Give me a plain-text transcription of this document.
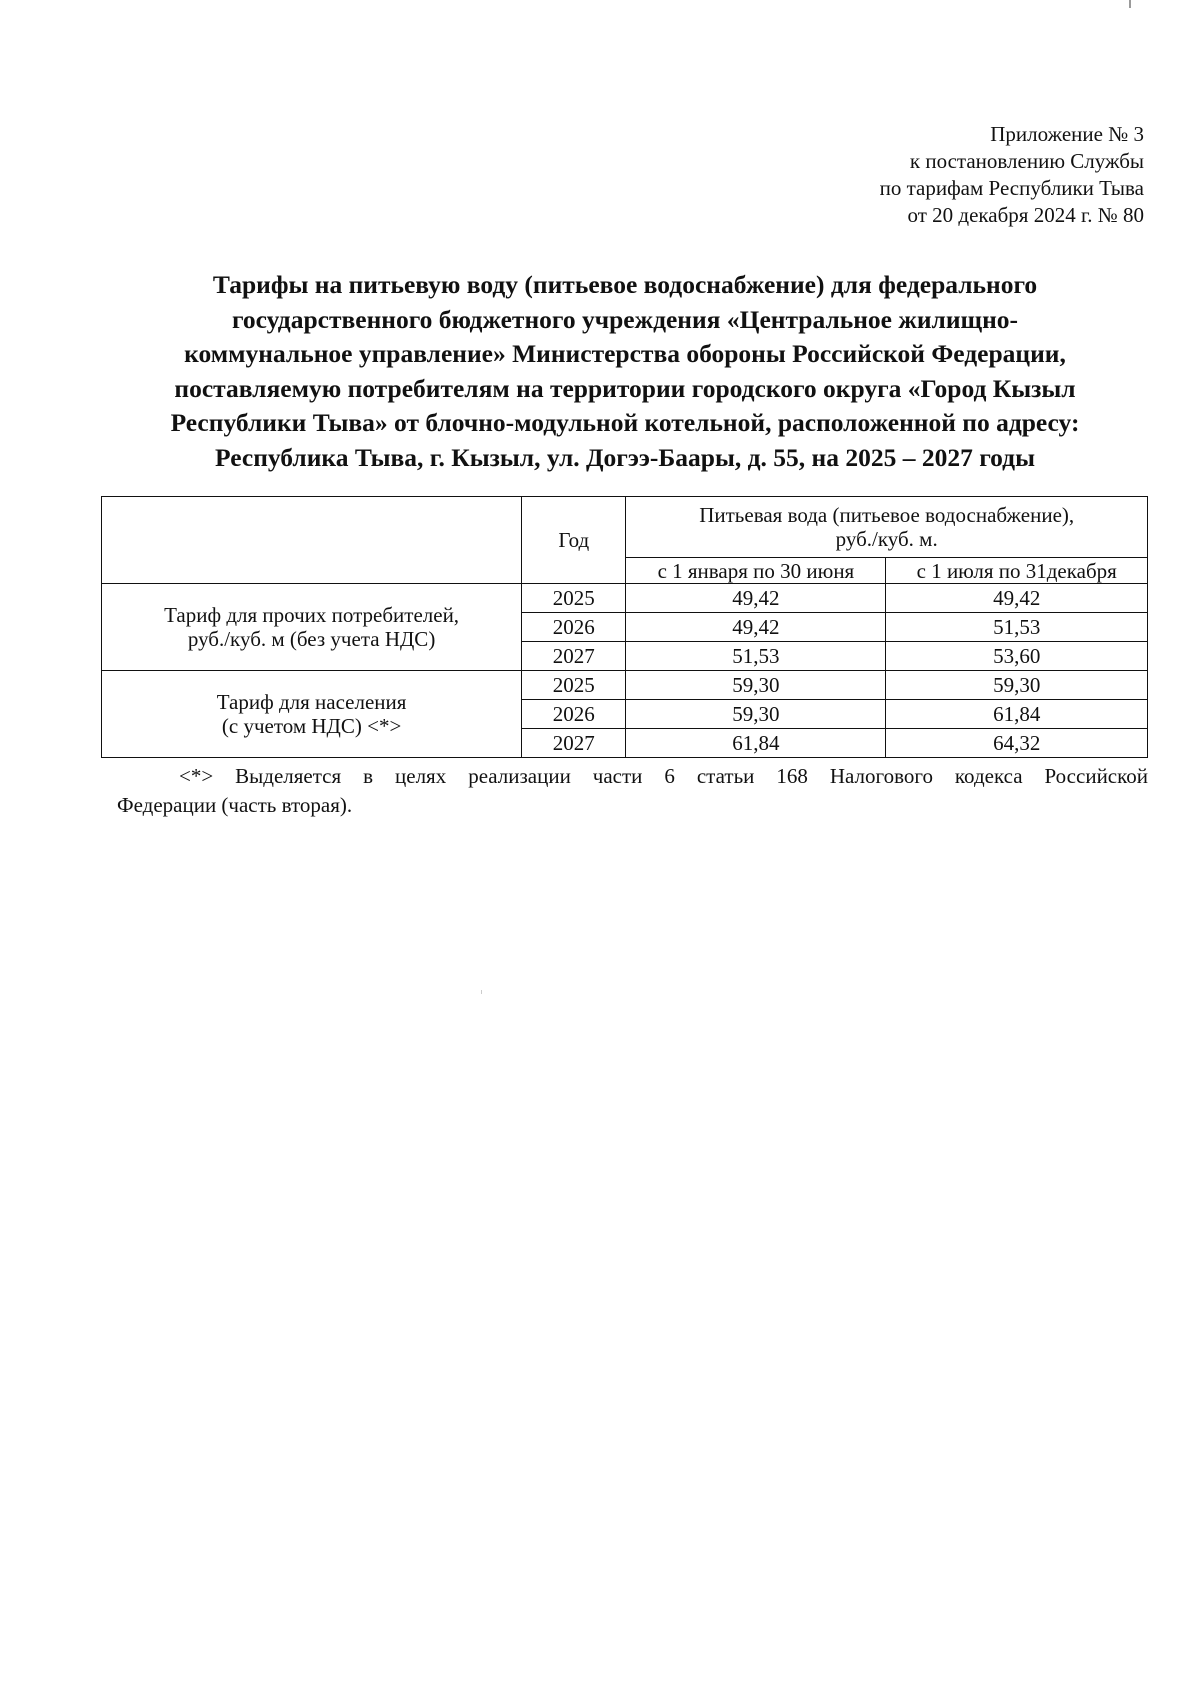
Приложение № 3
к постановлению Службы
по тарифам Республики Тыва
от 20 декабря 2024 г. № 80
Тарифы на питьевую воду (питьевое водоснабжение) для федерального
государственного бюджетного учреждения «Центральное жилищно-
коммунальное управление» Министерства обороны Российской Федерации,
поставляемую потребителям на территории городского округа «Город Кызыл
Республики Тыва» от блочно-модульной котельной, расположенной по адресу:
Республика Тыва, г. Кызыл, ул. Догээ-Баары, д. 55, на 2025 – 2027 годы
	Год	Питьевая вода (питьевое водоснабжение),
руб./куб. м.	

		с 1 января по 30 июня	с 1 июля по 31декабря

Тариф для прочих потребителей,
руб./куб. м (без учета НДС)	2025	49,42	49,42
	2026	49,42	51,53
	2027	51,53	53,60

Тариф для населения
(с учетом НДС) <*>	2025	59,30	59,30
	2026	59,30	61,84
	2027	61,84	64,32
<*> Выделяется в целях реализации части 6 статьи 168 Налогового кодекса Российской
Федерации (часть вторая).
